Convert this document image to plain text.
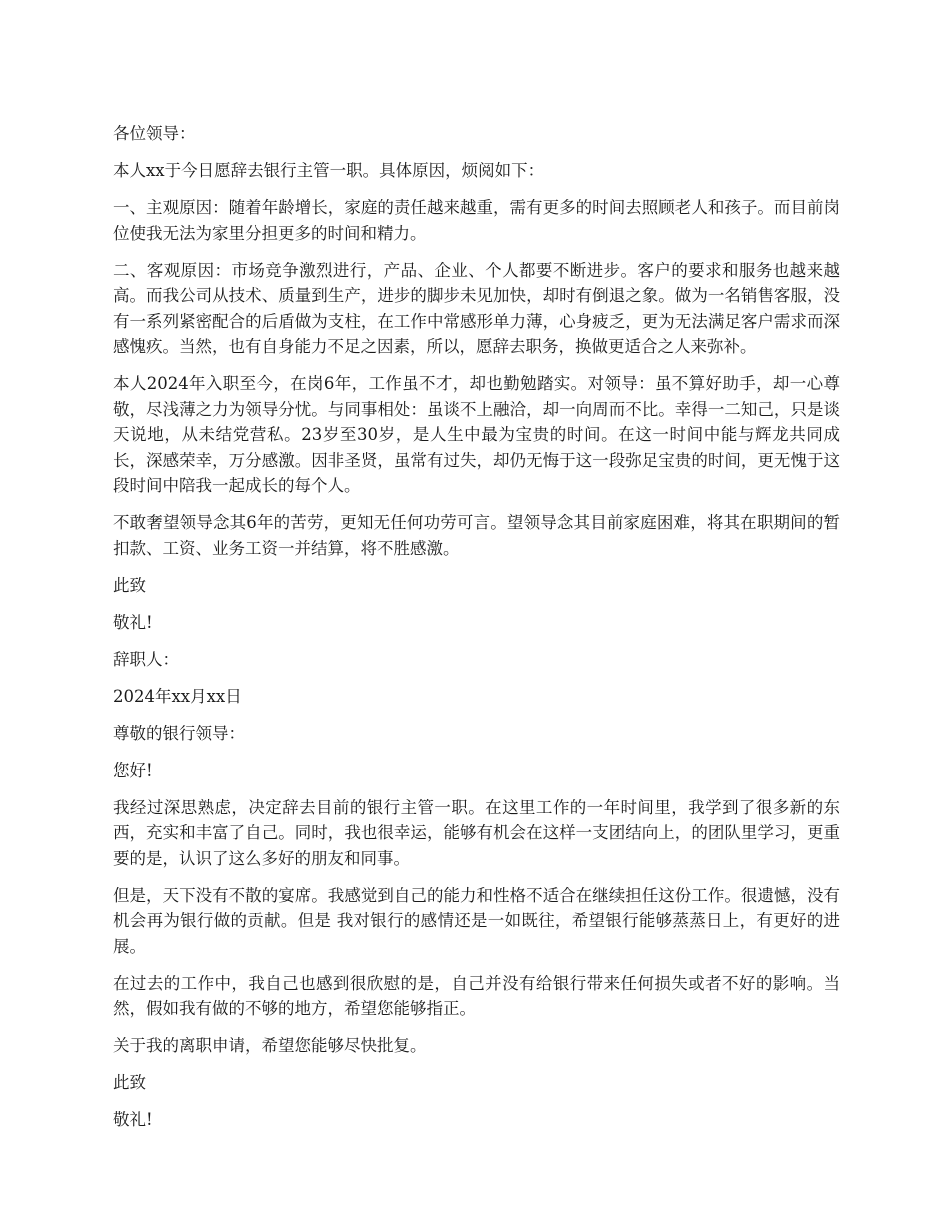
各位领导：

本人xx于今日愿辞去银行主管一职。具体原因，烦阅如下：

一、主观原因：随着年龄增长，家庭的责任越来越重，需有更多的时间去照顾老人和孩子。而目前岗位使我无法为家里分担更多的时间和精力。

二、客观原因：市场竞争激烈进行，产品、企业、个人都要不断进步。客户的要求和服务也越来越高。而我公司从技术、质量到生产，进步的脚步未见加快，却时有倒退之象。做为一名销售客服，没有一系列紧密配合的后盾做为支柱，在工作中常感形单力薄，心身疲乏，更为无法满足客户需求而深感愧疚。当然，也有自身能力不足之因素，所以，愿辞去职务，换做更适合之人来弥补。

本人2024年入职至今，在岗6年，工作虽不才，却也勤勉踏实。对领导：虽不算好助手，却一心尊敬，尽浅薄之力为领导分忧。与同事相处：虽谈不上融洽，却一向周而不比。幸得一二知己，只是谈天说地，从未结党营私。23岁至30岁，是人生中最为宝贵的时间。在这一时间中能与辉龙共同成长，深感荣幸，万分感激。因非圣贤，虽常有过失，却仍无悔于这一段弥足宝贵的时间，更无愧于这段时间中陪我一起成长的每个人。

不敢奢望领导念其6年的苦劳，更知无任何功劳可言。望领导念其目前家庭困难，将其在职期间的暂扣款、工资、业务工资一并结算，将不胜感激。

此致

敬礼!

辞职人：

2024年xx月xx日

尊敬的银行领导：

您好!

我经过深思熟虑，决定辞去目前的银行主管一职。在这里工作的一年时间里，我学到了很多新的东西，充实和丰富了自己。同时，我也很幸运，能够有机会在这样一支团结向上，的团队里学习，更重要的是，认识了这么多好的朋友和同事。

但是，天下没有不散的宴席。我感觉到自己的能力和性格不适合在继续担任这份工作。很遗憾，没有机会再为银行做的贡献。但是 我对银行的感情还是一如既往，希望银行能够蒸蒸日上，有更好的进展。

在过去的工作中，我自己也感到很欣慰的是，自己并没有给银行带来任何损失或者不好的影响。当然，假如我有做的不够的地方，希望您能够指正。

关于我的离职申请，希望您能够尽快批复。

此致

敬礼!
